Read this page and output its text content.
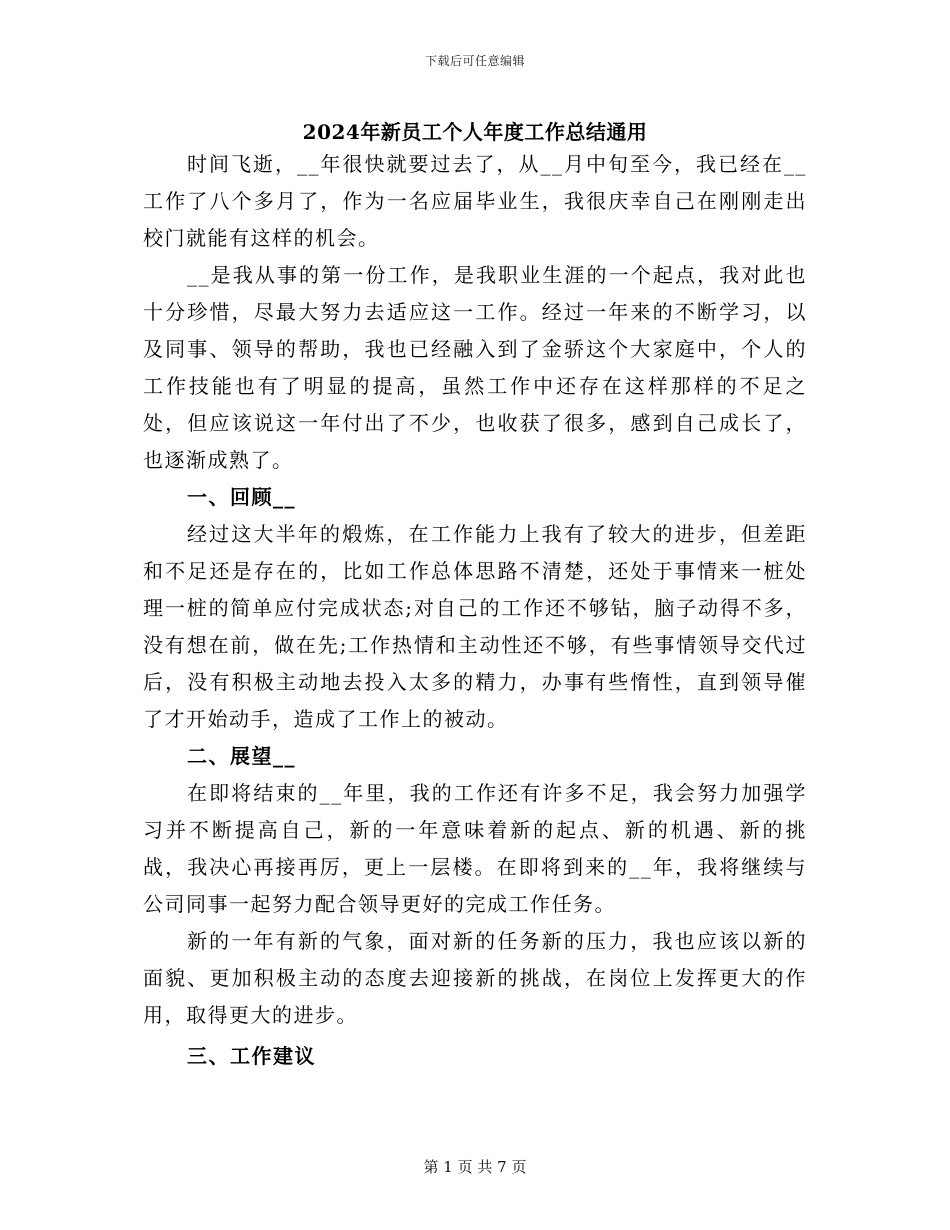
下载后可任意编辑
2024年新员工个人年度工作总结通用

时间飞逝，__年很快就要过去了，从__月中旬至今，我已经在__工作了八个多月了，作为一名应届毕业生，我很庆幸自己在刚刚走出校门就能有这样的机会。

__是我从事的第一份工作，是我职业生涯的一个起点，我对此也十分珍惜，尽最大努力去适应这一工作。经过一年来的不断学习，以及同事、领导的帮助，我也已经融入到了金骄这个大家庭中，个人的工作技能也有了明显的提高，虽然工作中还存在这样那样的不足之处，但应该说这一年付出了不少，也收获了很多，感到自己成长了，也逐渐成熟了。

一、回顾__

经过这大半年的煅炼，在工作能力上我有了较大的进步，但差距和不足还是存在的，比如工作总体思路不清楚，还处于事情来一桩处理一桩的简单应付完成状态;对自己的工作还不够钻，脑子动得不多，没有想在前，做在先;工作热情和主动性还不够，有些事情领导交代过后，没有积极主动地去投入太多的精力，办事有些惰性，直到领导催了才开始动手，造成了工作上的被动。

二、展望__

在即将结束的__年里，我的工作还有许多不足，我会努力加强学习并不断提高自己，新的一年意味着新的起点、新的机遇、新的挑战，我决心再接再厉，更上一层楼。在即将到来的__年，我将继续与公司同事一起努力配合领导更好的完成工作任务。

新的一年有新的气象，面对新的任务新的压力，我也应该以新的面貌、更加积极主动的态度去迎接新的挑战，在岗位上发挥更大的作用，取得更大的进步。

三、工作建议

第 1 页 共 7 页
